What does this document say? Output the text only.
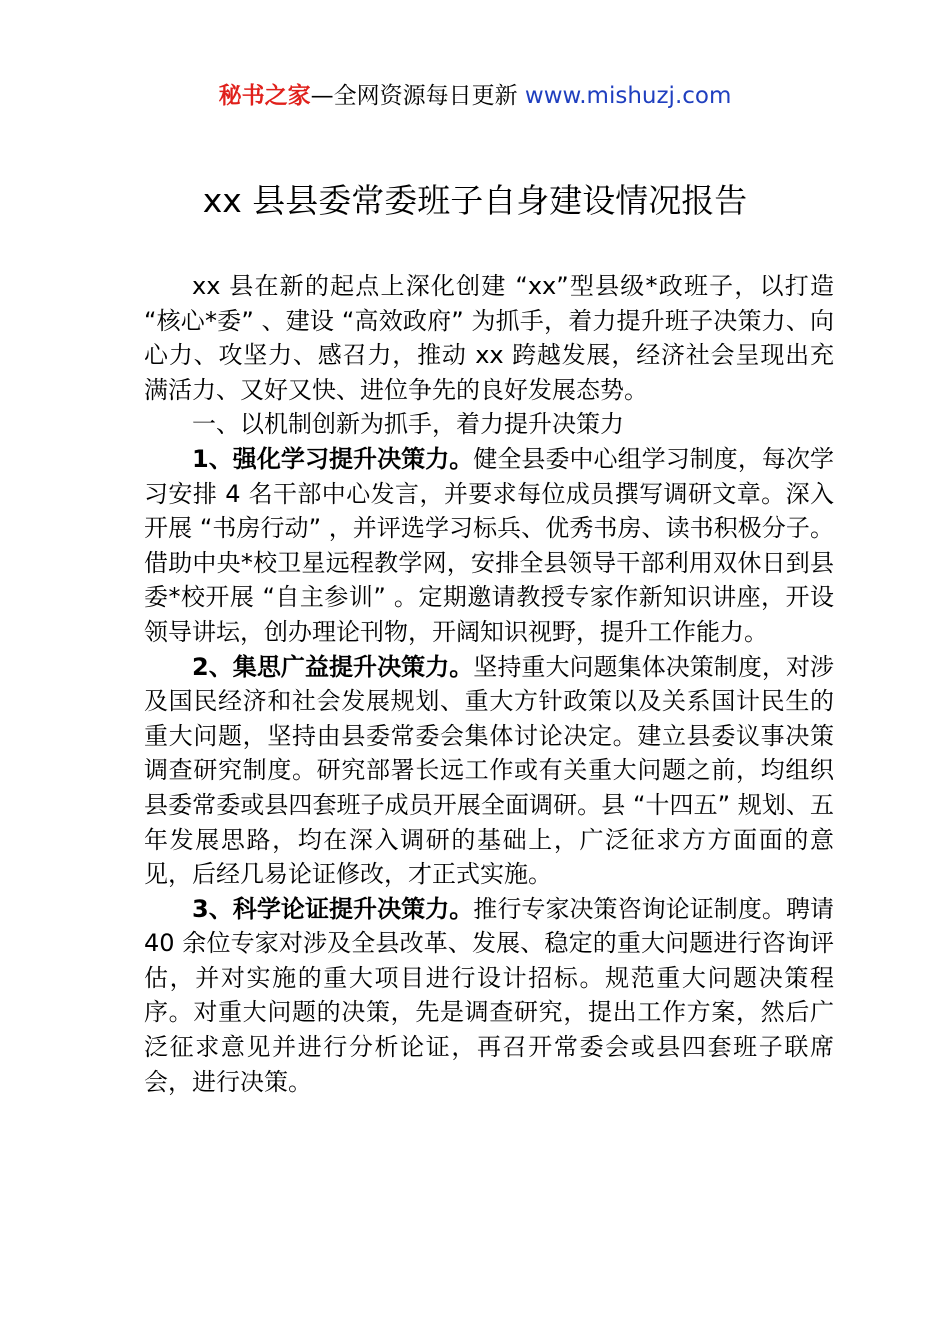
秘书之家—全网资源每日更新 www.mishuzj.com
xx 县县委常委班子自身建设情况报告

xx 县在新的起点上深化创建 “xx”型县级*政班子，以打造 “核心*委” 、建设 “高效政府” 为抓手，着力提升班子决策力、向心力、攻坚力、感召力，推动 xx 跨越发展，经济社会呈现出充满活力、又好又快、进位争先的良好发展态势。

一、以机制创新为抓手，着力提升决策力

1、强化学习提升决策力。健全县委中心组学习制度，每次学习安排 4 名干部中心发言，并要求每位成员撰写调研文章。深入开展 “书房行动” ，并评选学习标兵、优秀书房、读书积极分子。借助中央*校卫星远程教学网，安排全县领导干部利用双休日到县委*校开展 “自主参训” 。定期邀请教授专家作新知识讲座，开设领导讲坛，创办理论刊物，开阔知识视野，提升工作能力。

2、集思广益提升决策力。坚持重大问题集体决策制度，对涉及国民经济和社会发展规划、重大方针政策以及关系国计民生的重大问题，坚持由县委常委会集体讨论决定。建立县委议事决策调查研究制度。研究部署长远工作或有关重大问题之前，均组织县委常委或县四套班子成员开展全面调研。县 “十四五” 规划、五年发展思路，均在深入调研的基础上，广泛征求方方面面的意见，后经几易论证修改，才正式实施。

3、科学论证提升决策力。推行专家决策咨询论证制度。聘请 40 余位专家对涉及全县改革、发展、稳定的重大问题进行咨询评估，并对实施的重大项目进行设计招标。规范重大问题决策程序。对重大问题的决策，先是调查研究，提出工作方案，然后广泛征求意见并进行分析论证，再召开常委会或县四套班子联席会，进行决策。
